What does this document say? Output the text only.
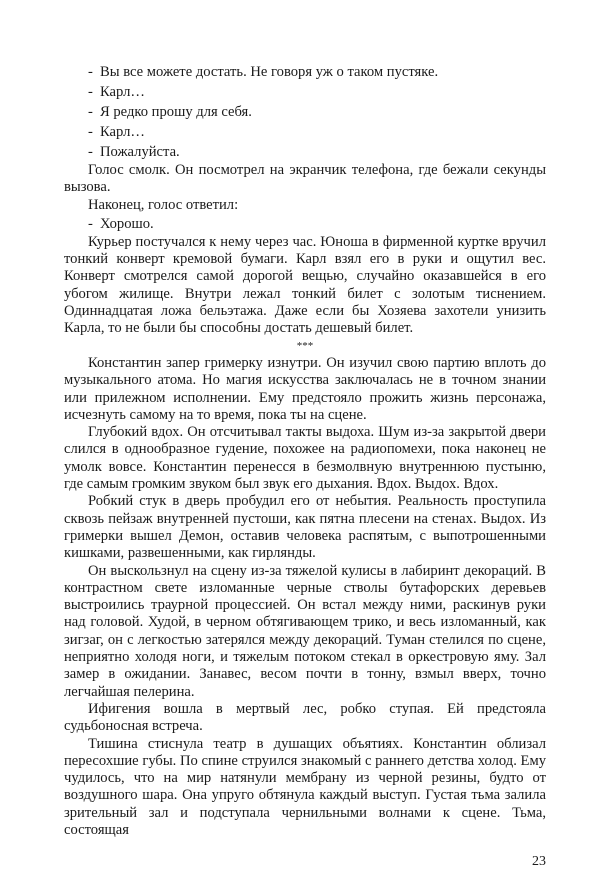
- Вы все можете достать. Не говоря уж о таком пустяке.
- Карл…
- Я редко прошу для себя.
- Карл…
- Пожалуйста.
Голос смолк. Он посмотрел на экранчик телефона, где бежали секунды вызова.
Наконец, голос ответил:
- Хорошо.
Курьер постучался к нему через час. Юноша в фирменной куртке вручил тонкий конверт кремовой бумаги. Карл взял его в руки и ощутил вес. Конверт смотрелся самой дорогой вещью, случайно оказавшейся в его убогом жилище. Внутри лежал тонкий билет с золотым тиснением. Одиннадцатая ложа бельэтажа. Даже если бы Хозяева захотели унизить Карла, то не были бы способны достать дешевый билет.
***
Константин запер гримерку изнутри. Он изучил свою партию вплоть до музыкального атома. Но магия искусства заключалась не в точном знании или прилежном исполнении. Ему предстояло прожить жизнь персонажа, исчезнуть самому на то время, пока ты на сцене.
Глубокий вдох. Он отсчитывал такты выдоха. Шум из-за закрытой двери слился в однообразное гудение, похожее на радиопомехи, пока наконец не умолк вовсе. Константин перенесся в безмолвную внутреннюю пустыню, где самым громким звуком был звук его дыхания. Вдох. Выдох. Вдох.
Робкий стук в дверь пробудил его от небытия. Реальность проступила сквозь пейзаж внутренней пустоши, как пятна плесени на стенах. Выдох. Из гримерки вышел Демон, оставив человека распятым, с выпотрошенными кишками, развешенными, как гирлянды.
Он выскользнул на сцену из-за тяжелой кулисы в лабиринт декораций. В контрастном свете изломанные черные стволы бутафорских деревьев выстроились траурной процессией. Он встал между ними, раскинув руки над головой. Худой, в черном обтягивающем трико, и весь изломанный, как зигзаг, он с легкостью затерялся между декораций. Туман стелился по сцене, неприятно холодя ноги, и тяжелым потоком стекал в оркестровую яму. Зал замер в ожидании. Занавес, весом почти в тонну, взмыл вверх, точно легчайшая пелерина.
Ифигения вошла в мертвый лес, робко ступая. Ей предстояла судьбоносная встреча.
Тишина стиснула театр в душащих объятиях. Константин облизал пересохшие губы. По спине струился знакомый с раннего детства холод. Ему чудилось, что на мир натянули мембрану из черной резины, будто от воздушного шара. Она упруго обтянула каждый выступ. Густая тьма залила зрительный зал и подступала чернильными волнами к сцене. Тьма, состоящая
23
